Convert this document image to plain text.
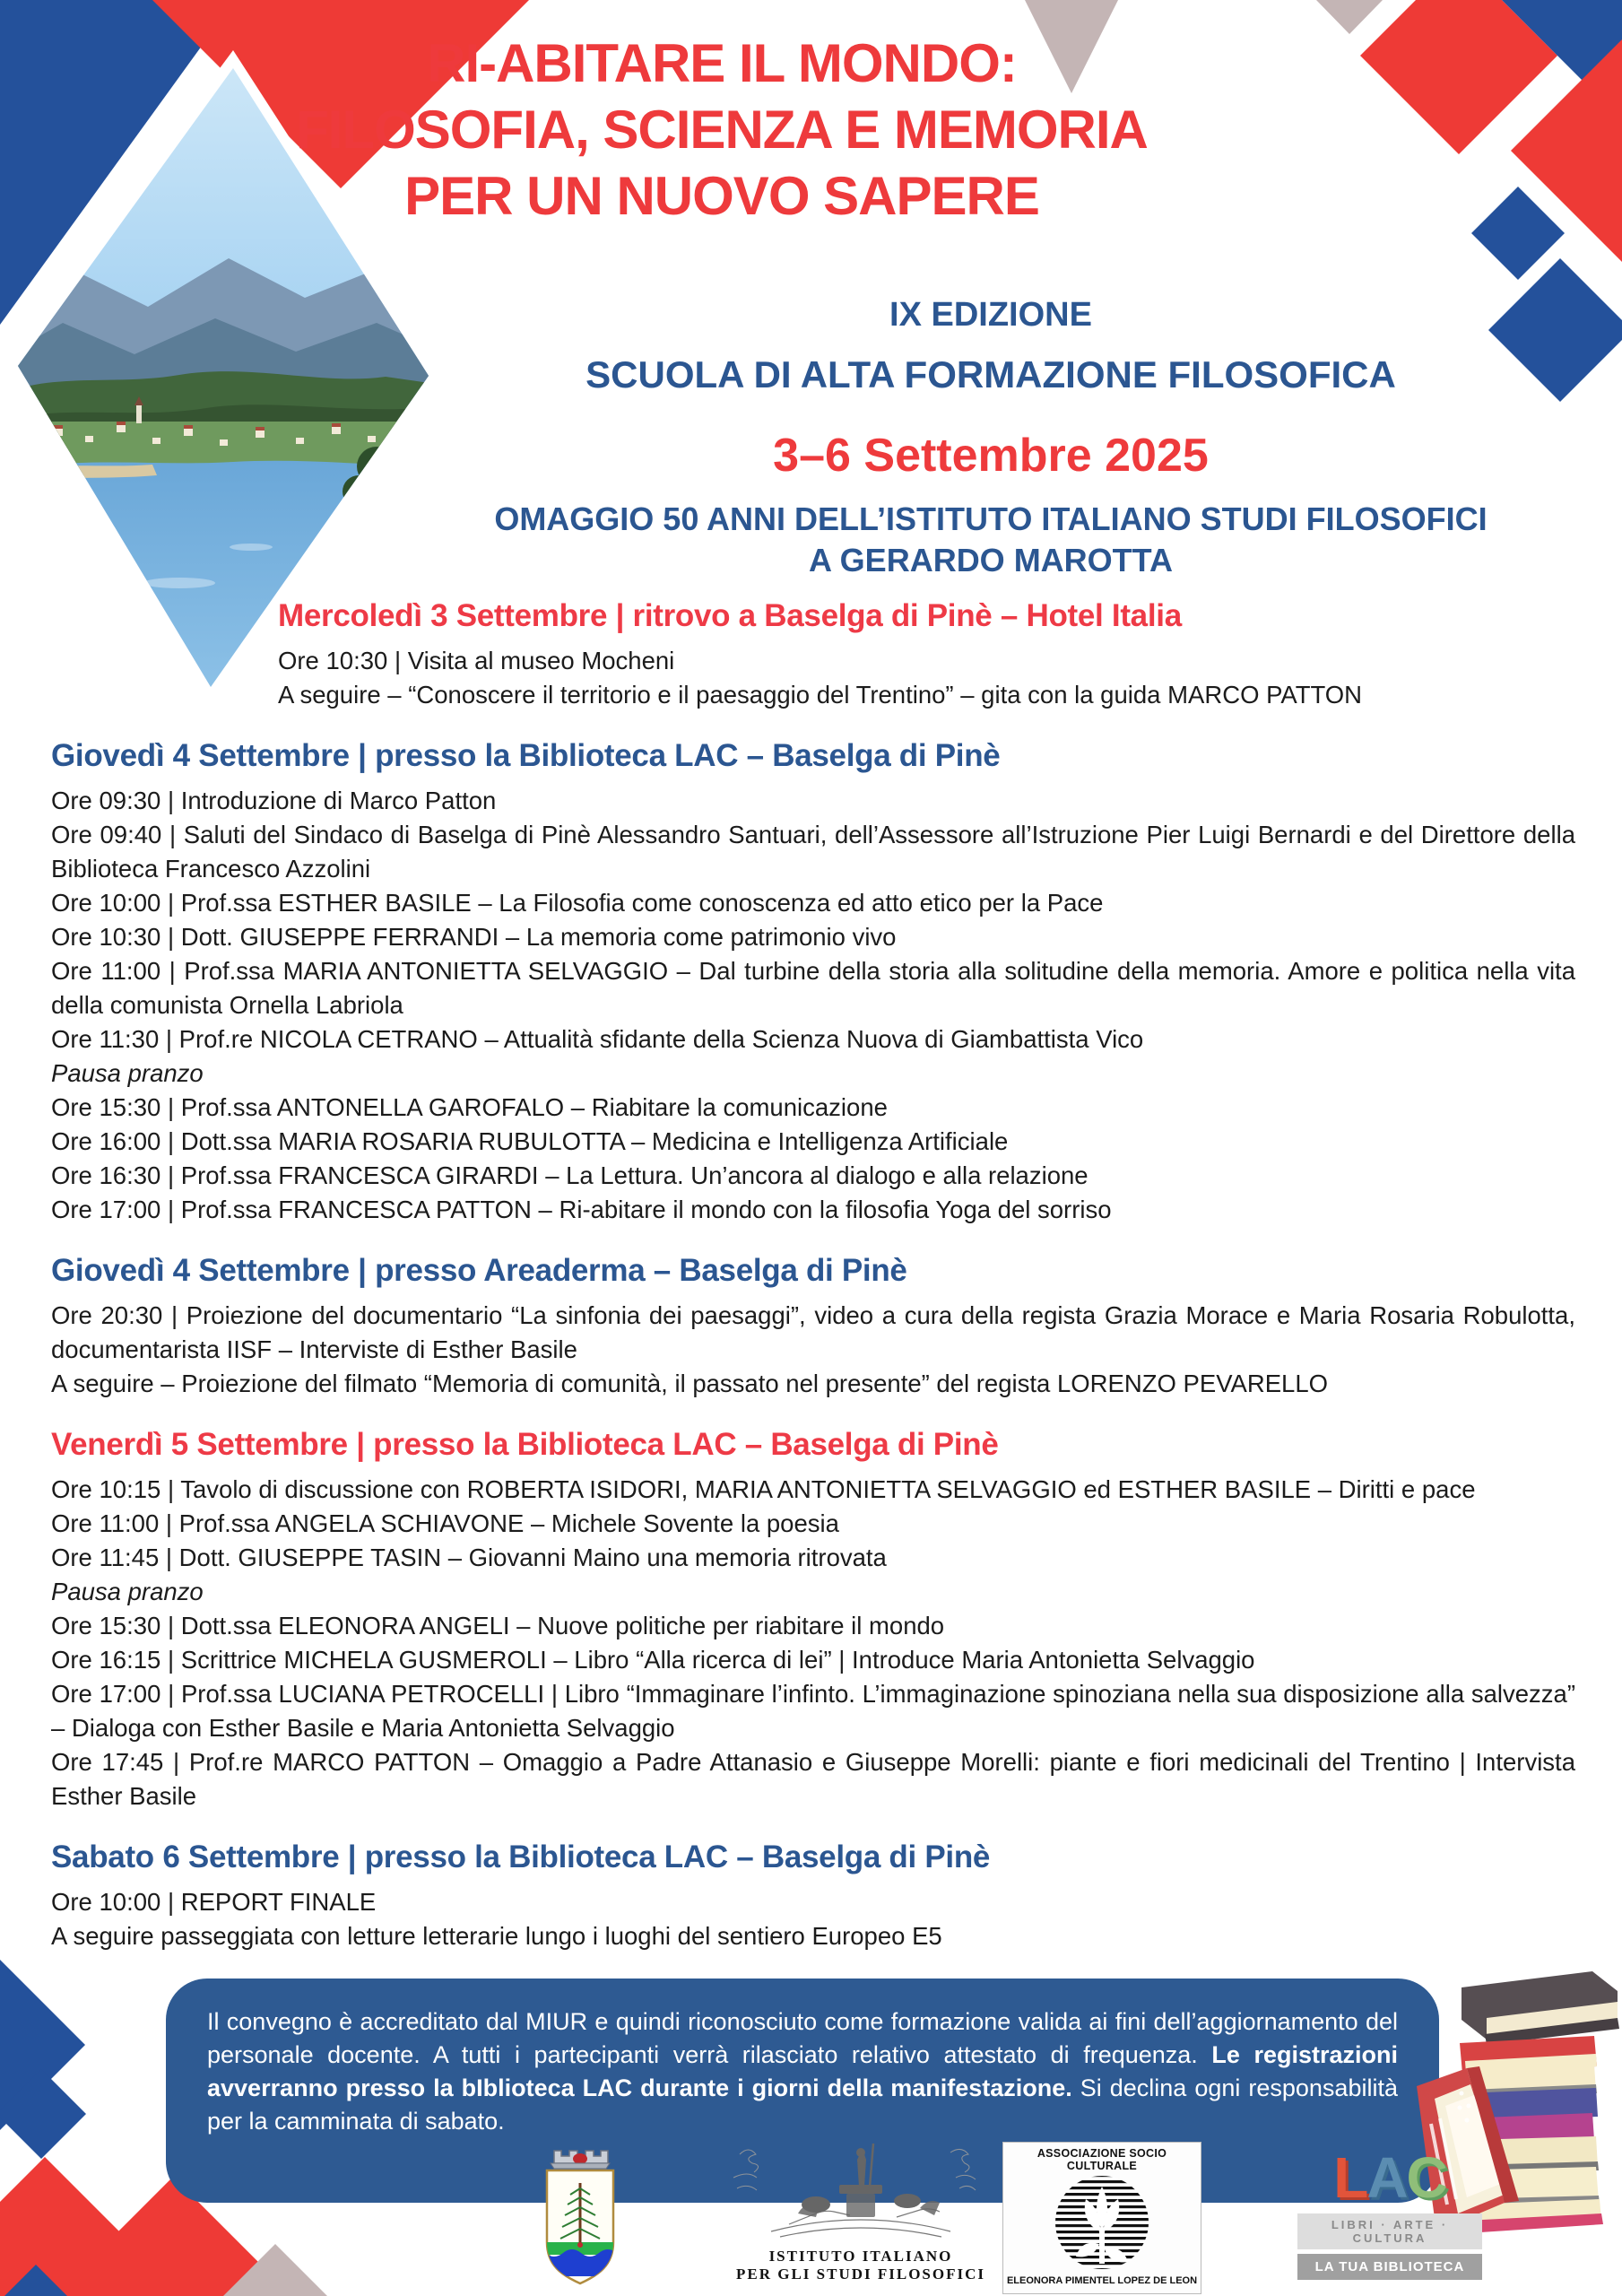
RI-ABITARE IL MONDO:
FILOSOFIA, SCIENZA E MEMORIA
PER UN NUOVO SAPERE
IX EDIZIONE
SCUOLA DI ALTA FORMAZIONE FILOSOFICA
3–6 Settembre 2025
OMAGGIO 50 ANNI DELL’ISTITUTO ITALIANO STUDI FILOSOFICI
A GERARDO MAROTTA
Mercoledì 3 Settembre | ritrovo a Baselga di Pinè – Hotel Italia

Ore 10:30 | Visita al museo Mocheni

A seguire – “Conoscere il territorio e il paesaggio del Trentino” – gita con la guida MARCO PATTON

Giovedì 4 Settembre | presso la Biblioteca LAC – Baselga di Pinè

Ore 09:30 | Introduzione di Marco Patton

Ore 09:40 | Saluti del Sindaco di Baselga di Pinè Alessandro Santuari, dell’Assessore all’Istruzione Pier Luigi Bernardi e del Direttore della Biblioteca Francesco Azzolini

Ore 10:00 | Prof.ssa ESTHER BASILE – La Filosofia come conoscenza ed atto etico per la Pace

Ore 10:30 | Dott. GIUSEPPE FERRANDI – La memoria come patrimonio vivo

Ore 11:00 | Prof.ssa MARIA ANTONIETTA SELVAGGIO – Dal turbine della storia alla solitudine della memoria. Amore e politica nella vita della comunista Ornella Labriola

Ore 11:30 | Prof.re NICOLA CETRANO – Attualità sfidante della Scienza Nuova di Giambattista Vico

Pausa pranzo

Ore 15:30 | Prof.ssa ANTONELLA GAROFALO – Riabitare la comunicazione

Ore 16:00 | Dott.ssa MARIA ROSARIA RUBULOTTA – Medicina e Intelligenza Artificiale

Ore 16:30 | Prof.ssa FRANCESCA GIRARDI – La Lettura. Un’ancora al dialogo e alla relazione

Ore 17:00 | Prof.ssa FRANCESCA PATTON – Ri-abitare il mondo con la filosofia Yoga del sorriso

Giovedì 4 Settembre | presso Areaderma – Baselga di Pinè

Ore 20:30 | Proiezione del documentario “La sinfonia dei paesaggi”, video a cura della regista Grazia Morace e Maria Rosaria Robulotta, documentarista IISF – Interviste di Esther Basile

A seguire – Proiezione del filmato “Memoria di comunità, il passato nel presente” del regista LORENZO PEVARELLO

Venerdì 5 Settembre | presso la Biblioteca LAC – Baselga di Pinè

Ore 10:15 | Tavolo di discussione con ROBERTA ISIDORI, MARIA ANTONIETTA SELVAGGIO ed ESTHER BASILE – Diritti e pace

Ore 11:00 | Prof.ssa ANGELA SCHIAVONE – Michele Sovente la poesia

Ore 11:45 | Dott. GIUSEPPE TASIN – Giovanni Maino una memoria ritrovata

Pausa pranzo

Ore 15:30 | Dott.ssa ELEONORA ANGELI – Nuove politiche per riabitare il mondo

Ore 16:15 | Scrittrice MICHELA GUSMEROLI – Libro “Alla ricerca di lei” | Introduce Maria Antonietta Selvaggio

Ore 17:00 | Prof.ssa LUCIANA PETROCELLI | Libro “Immaginare l’infinto. L’immaginazione spinoziana nella sua disposizione alla salvezza” – Dialoga con Esther Basile e Maria Antonietta Selvaggio

Ore 17:45 | Prof.re MARCO PATTON – Omaggio a Padre Attanasio e Giuseppe Morelli: piante e fiori medicinali del Trentino | Intervista Esther Basile

Sabato 6 Settembre | presso la Biblioteca LAC – Baselga di Pinè

Ore 10:00 | REPORT FINALE

A seguire passeggiata con letture letterarie lungo i luoghi del sentiero Europeo E5

Il convegno è accreditato dal MIUR e quindi riconosciuto come formazione valida ai fini dell’aggiornamento del personale docente. A tutti i partecipanti verrà rilasciato relativo attestato di frequenza. Le registrazioni avverranno presso la bIblioteca LAC durante i giorni della manifestazione. Si declina ogni responsabilità per la camminata di sabato.
ISTITUTO ITALIANO
PER GLI STUDI FILOSOFICI
ASSOCIAZIONE SOCIO CULTURALE
ELEONORA PIMENTEL LOPEZ DE LEON
LAC
LIBRI · ARTE · CULTURA
LA TUA BIBLIOTECA
